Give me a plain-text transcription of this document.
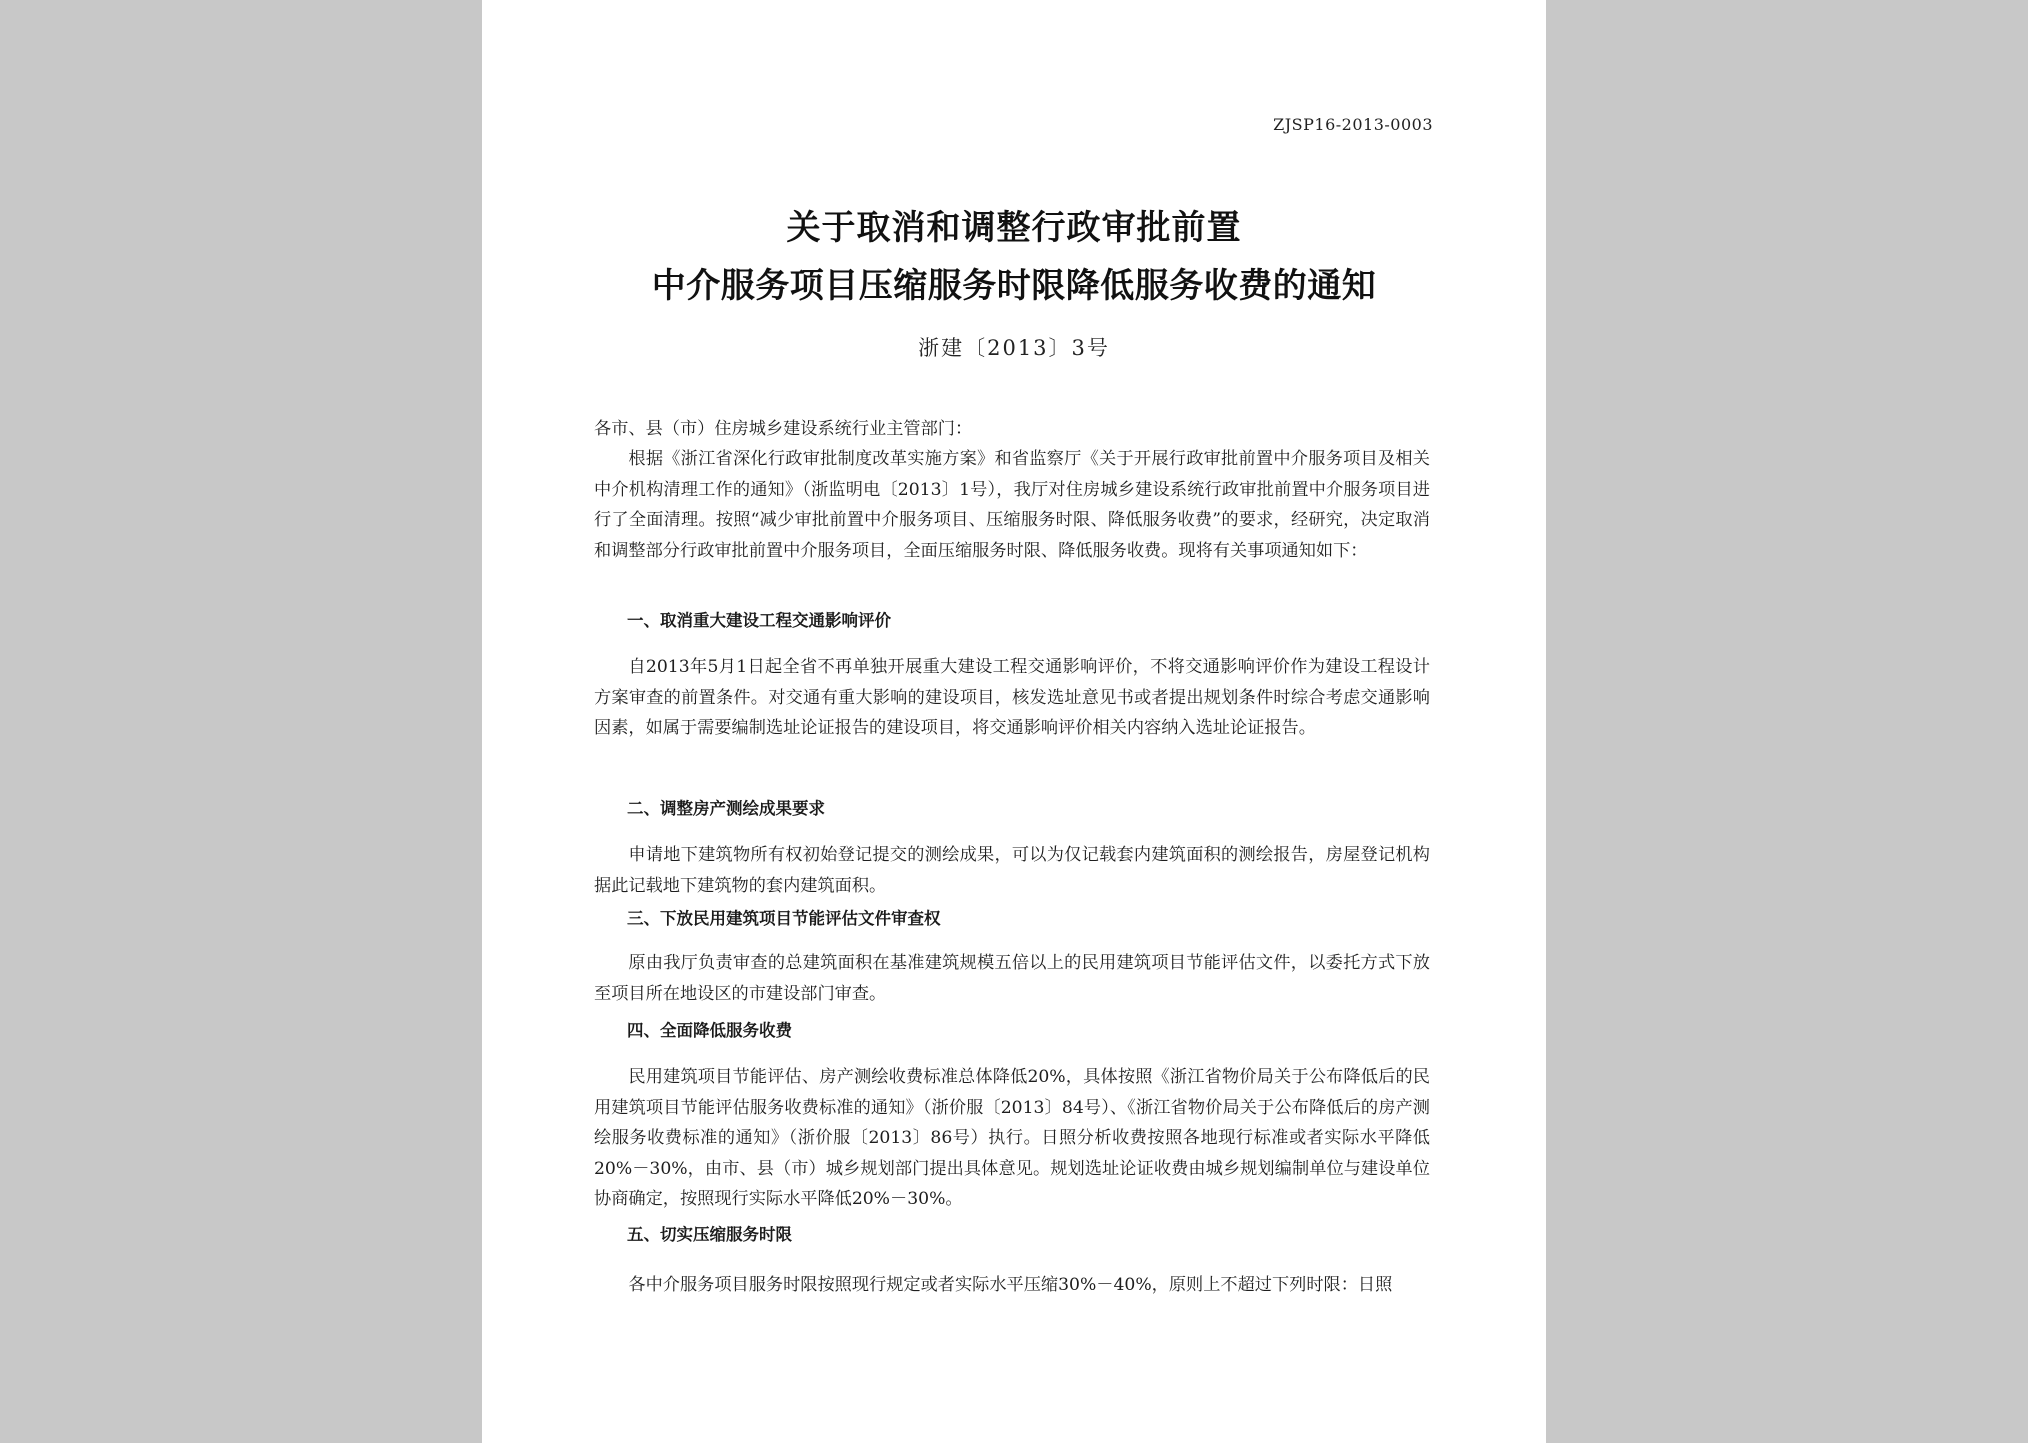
ZJSP16-2013-0003
关于取消和调整行政审批前置
中介服务项目压缩服务时限降低服务收费的通知
浙建〔2013〕3号

各市、县（市）住房城乡建设系统行业主管部门：

根据《浙江省深化行政审批制度改革实施方案》和省监察厅《关于开展行政审批前置中介服务项目及相关中介机构清理工作的通知》（浙监明电〔2013〕1号），我厅对住房城乡建设系统行政审批前置中介服务项目进行了全面清理。按照“减少审批前置中介服务项目、压缩服务时限、降低服务收费”的要求，经研究，决定取消和调整部分行政审批前置中介服务项目，全面压缩服务时限、降低服务收费。现将有关事项通知如下：

一、取消重大建设工程交通影响评价

自2013年5月1日起全省不再单独开展重大建设工程交通影响评价，不将交通影响评价作为建设工程设计方案审查的前置条件。对交通有重大影响的建设项目，核发选址意见书或者提出规划条件时综合考虑交通影响因素，如属于需要编制选址论证报告的建设项目，将交通影响评价相关内容纳入选址论证报告。

二、调整房产测绘成果要求

申请地下建筑物所有权初始登记提交的测绘成果，可以为仅记载套内建筑面积的测绘报告，房屋登记机构据此记载地下建筑物的套内建筑面积。

三、下放民用建筑项目节能评估文件审查权

原由我厅负责审查的总建筑面积在基准建筑规模五倍以上的民用建筑项目节能评估文件，以委托方式下放至项目所在地设区的市建设部门审查。

四、全面降低服务收费

民用建筑项目节能评估、房产测绘收费标准总体降低20%，具体按照《浙江省物价局关于公布降低后的民用建筑项目节能评估服务收费标准的通知》（浙价服〔2013〕84号）、《浙江省物价局关于公布降低后的房产测绘服务收费标准的通知》（浙价服〔2013〕86号）执行。日照分析收费按照各地现行标准或者实际水平降低20%－30%，由市、县（市）城乡规划部门提出具体意见。规划选址论证收费由城乡规划编制单位与建设单位协商确定，按照现行实际水平降低20%－30%。

五、切实压缩服务时限

各中介服务项目服务时限按照现行规定或者实际水平压缩30%－40%，原则上不超过下列时限：日照
